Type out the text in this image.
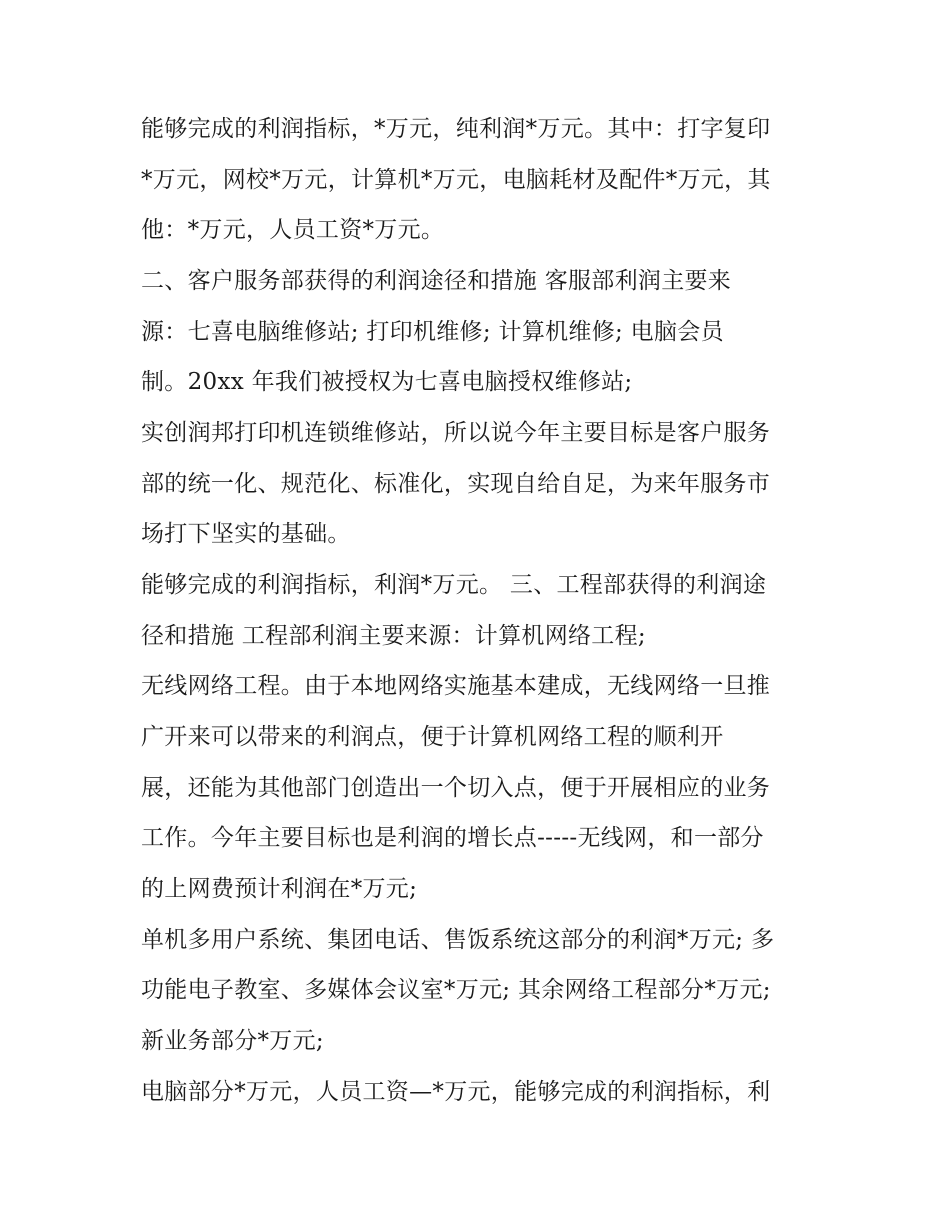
能够完成的利润指标，*万元，纯利润*万元。其中：打字复印
*万元，网校*万元，计算机*万元，电脑耗材及配件*万元，其
他：*万元，人员工资*万元。
二、客户服务部获得的利润途径和措施 客服部利润主要来
源：七喜电脑维修站; 打印机维修; 计算机维修; 电脑会员
制。20xx 年我们被授权为七喜电脑授权维修站;
实创润邦打印机连锁维修站，所以说今年主要目标是客户服务
部的统一化、规范化、标准化，实现自给自足，为来年服务市
场打下坚实的基础。
能够完成的利润指标，利润*万元。 三、工程部获得的利润途
径和措施 工程部利润主要来源：计算机网络工程;
无线网络工程。由于本地网络实施基本建成，无线网络一旦推
广开来可以带来的利润点，便于计算机网络工程的顺利开
展，还能为其他部门创造出一个切入点，便于开展相应的业务
工作。今年主要目标也是利润的增长点-----无线网，和一部分
的上网费预计利润在*万元;
单机多用户系统、集团电话、售饭系统这部分的利润*万元; 多
功能电子教室、多媒体会议室*万元; 其余网络工程部分*万元;
新业务部分*万元;
电脑部分*万元，人员工资—*万元，能够完成的利润指标，利
